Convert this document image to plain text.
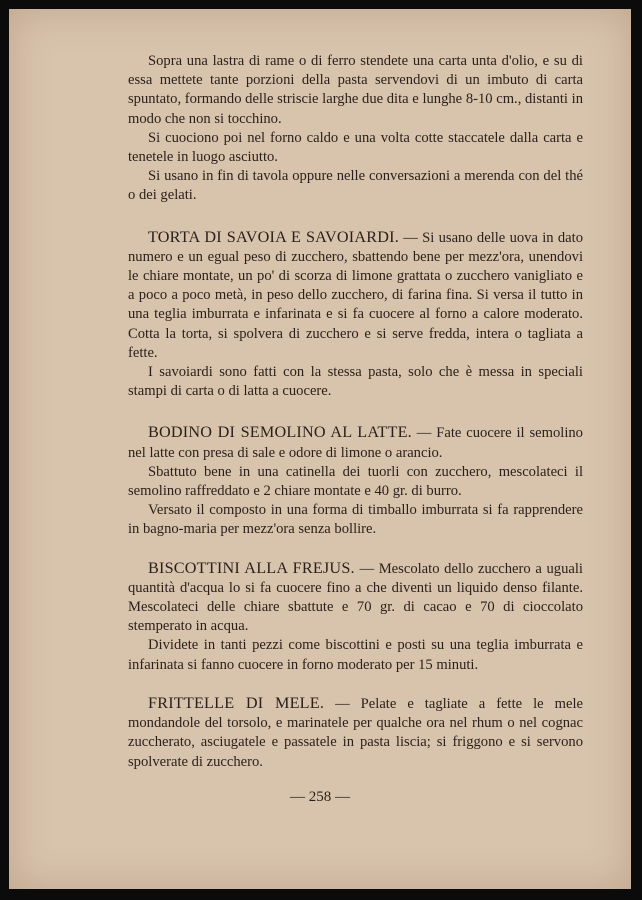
Sopra una lastra di rame o di ferro stendete una carta unta d'olio, e su di essa mettete tante porzioni della pasta servendovi di un imbuto di carta spuntato, formando delle striscie larghe due dita e lunghe 8-10 cm., distanti in modo che non si tocchino.

Si cuociono poi nel forno caldo e una volta cotte staccatele dalla carta e tenetele in luogo asciutto.

Si usano in fin di tavola oppure nelle conversazioni a merenda con del thé o dei gelati.

TORTA DI SAVOIA E SAVOIARDI. — Si usano delle uova in dato numero e un egual peso di zucchero, sbattendo bene per mezz'ora, unendovi le chiare montate, un po' di scorza di limone grattata o zucchero vanigliato e a poco a poco metà, in peso dello zucchero, di farina fina. Si versa il tutto in una teglia imburrata e infarinata e si fa cuocere al forno a calore moderato. Cotta la torta, si spolvera di zucchero e si serve fredda, intera o tagliata a fette.

I savoiardi sono fatti con la stessa pasta, solo che è messa in speciali stampi di carta o di latta a cuocere.

BODINO DI SEMOLINO AL LATTE. — Fate cuocere il semolino nel latte con presa di sale e odore di limone o arancio.

Sbattuto bene in una catinella dei tuorli con zucchero, mescolateci il semolino raffreddato e 2 chiare montate e 40 gr. di burro.

Versato il composto in una forma di timballo imburrata si fa rapprendere in bagno-maria per mezz'ora senza bollire.

BISCOTTINI ALLA FREJUS. — Mescolato dello zucchero a uguali quantità d'acqua lo si fa cuocere fino a che diventi un liquido denso filante. Mescolateci delle chiare sbattute e 70 gr. di cacao e 70 di cioccolato stemperato in acqua.

Dividete in tanti pezzi come biscottini e posti su una teglia imburrata e infarinata si fanno cuocere in forno moderato per 15 minuti.

FRITTELLE DI MELE. — Pelate e tagliate a fette le mele mondandole del torsolo, e marinatele per qualche ora nel rhum o nel cognac zuccherato, asciugatele e passatele in pasta liscia; si friggono e si servono spolverate di zucchero.

— 258 —
